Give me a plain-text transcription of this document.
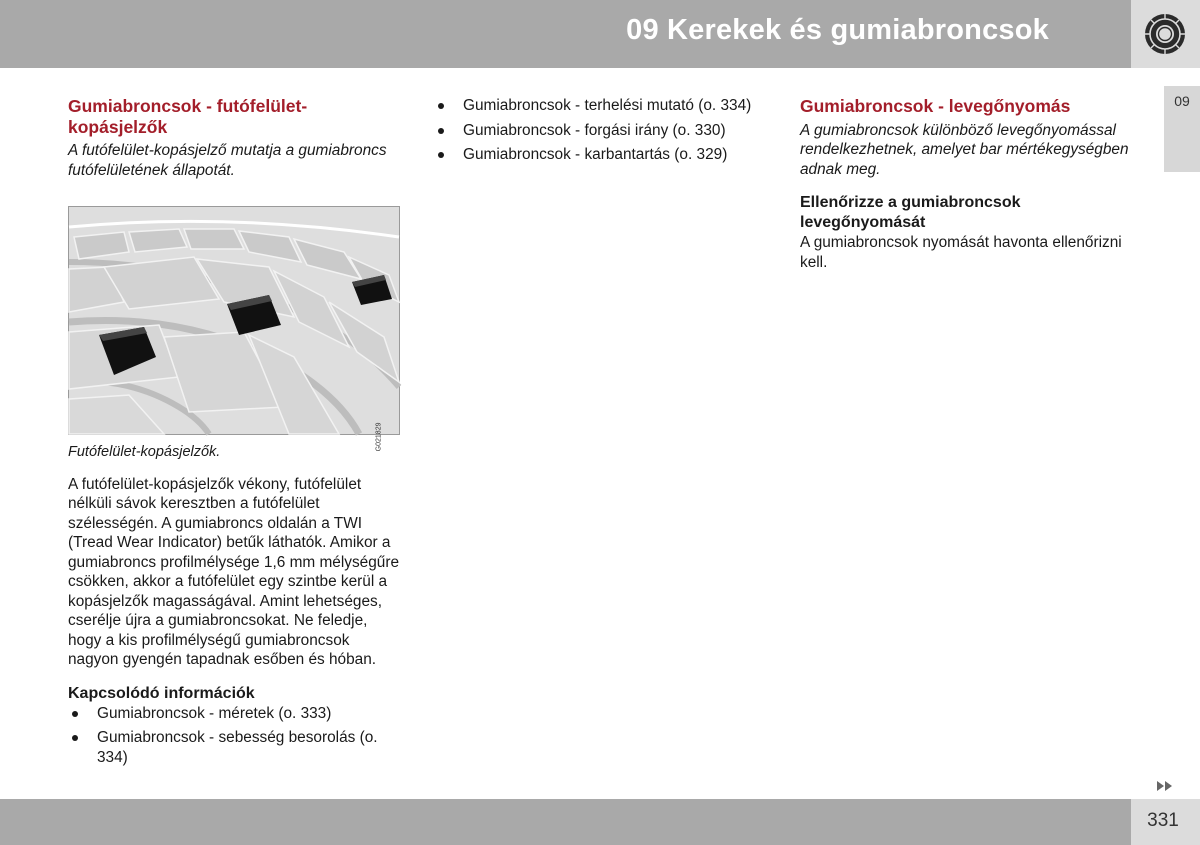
09 Kerekek és gumiabroncsok
09
Gumiabroncsok - futófelület-kopásjelzők

A futófelület-kopásjelző mutatja a gumiabroncs futófelületének állapotát.

G021829

Futófelület-kopásjelzők.

A futófelület-kopásjelzők vékony, futófelület nélküli sávok keresztben a futófelület szélességén. A gumiabroncs oldalán a TWI (Tread Wear Indicator) betűk láthatók. Amikor a gumiabroncs profilmélysége 1,6 mm mélységűre csökken, akkor a futófelület egy szintbe kerül a kopásjelzők magasságával. Amint lehetséges, cserélje újra a gumiabroncsokat. Ne feledje, hogy a kis profilmélységű gumiabroncsok nagyon gyengén tapadnak esőben és hóban.

Kapcsolódó információk
Gumiabroncsok - méretek (o. 333)
Gumiabroncsok - sebesség besorolás (o. 334)
Gumiabroncsok - terhelési mutató (o. 334)
Gumiabroncsok - forgási irány (o. 330)
Gumiabroncsok - karbantartás (o. 329)
Gumiabroncsok - levegőnyomás

A gumiabroncsok különböző levegőnyomással rendelkezhetnek, amelyet bar mértékegységben adnak meg.

Ellenőrizze a gumiabroncsok levegőnyomását

A gumiabroncsok nyomását havonta ellenőrizni kell.

331
